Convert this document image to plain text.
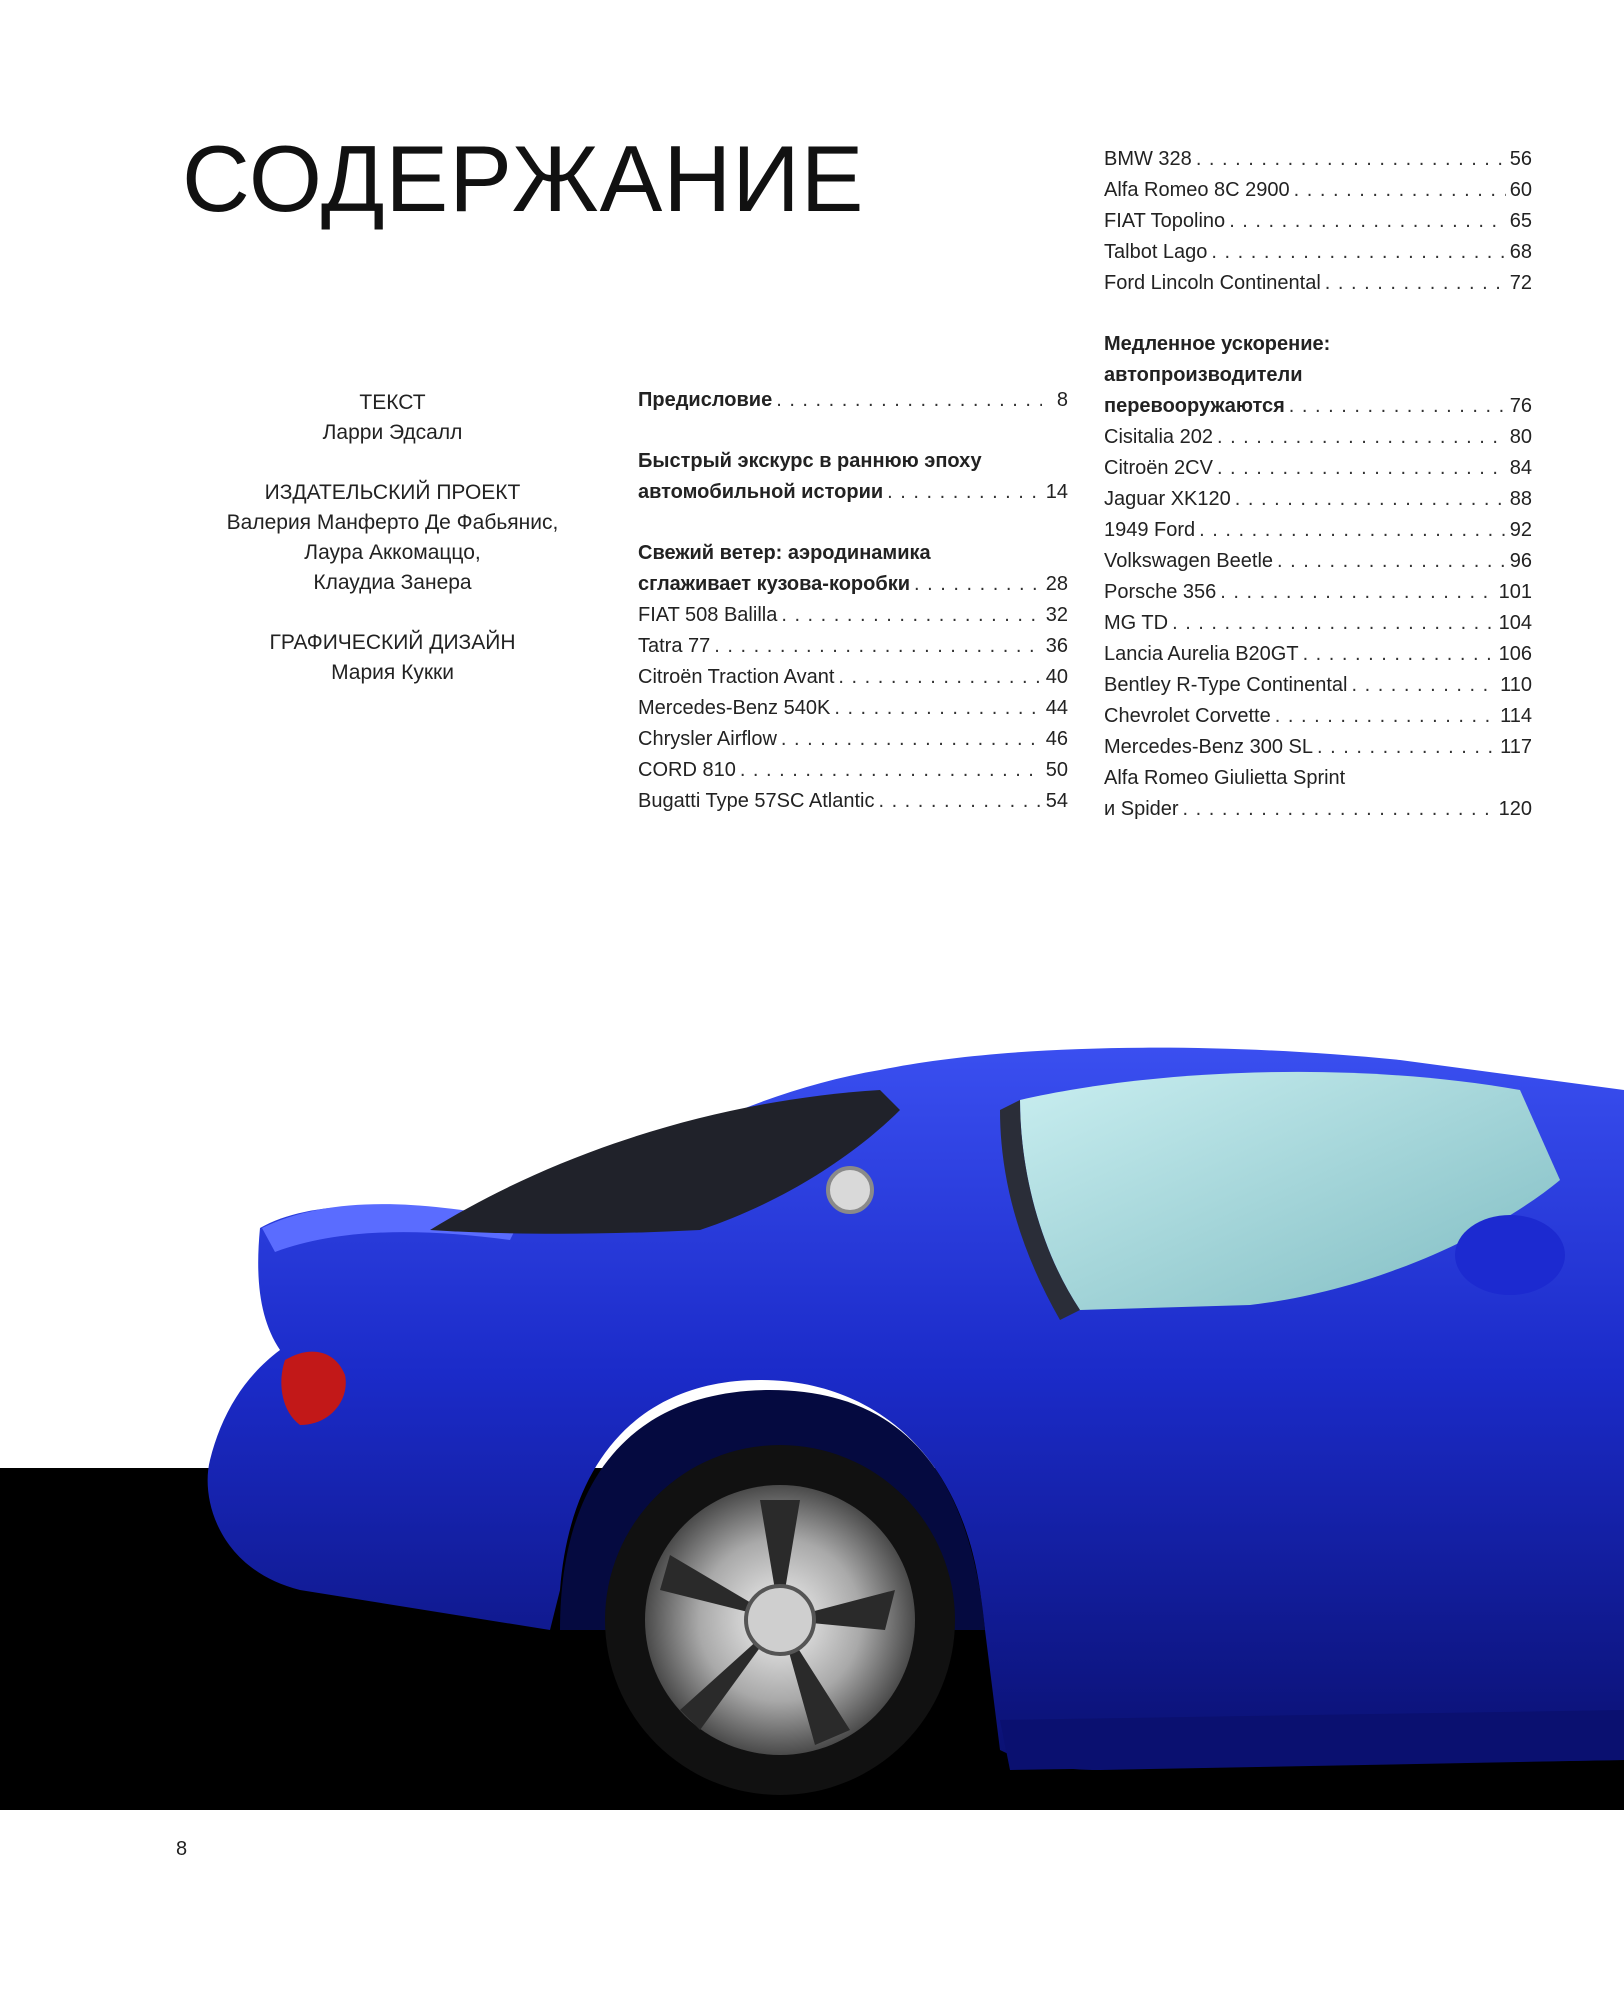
СОДЕРЖАНИЕ
ТЕКСТ
Ларри Эдсалл
ИЗДАТЕЛЬСКИЙ ПРОЕКТ
Валерия Манферто Де Фабьянис,
Лаура Аккомаццо,
Клаудиа Занера
ГРАФИЧЕСКИЙ ДИЗАЙН
Мария Кукки
Предисловие . . .	8
Быстрый экскурс в раннюю эпоху
автомобильной истории . . .	14
Свежий ветер: аэродинамика
сглаживает кузова-коробки . . .	28
FIAT 508 Balilla . . .	32
Tatra 77 . . .	36
Citroën Traction Avant . . .	40
Mercedes-Benz 540K . . .	44
Chrysler Airflow . . .	46
CORD 810 . . .	50
Bugatti Type 57SC Atlantic . . .	54
BMW 328 . . .	56
Alfa Romeo 8C 2900 . . .	60
FIAT Topolino . . .	65
Talbot Lago . . .	68
Ford Lincoln Continental . . .	72
Медленное ускорение:
автопроизводители
перевооружаются . . .	76
Cisitalia 202 . . .	80
Citroën 2CV . . .	84
Jaguar XK120 . . .	88
1949 Ford . . .	92
Volkswagen Beetle . . .	96
Porsche 356 . . .	101
MG TD . . .	104
Lancia Aurelia B20GT . . .	106
Bentley R-Type Continental . . .	110
Chevrolet Corvette . . .	114
Mercedes-Benz 300 SL . . .	117
Alfa Romeo Giulietta Sprint
и Spider . . .	120
8
